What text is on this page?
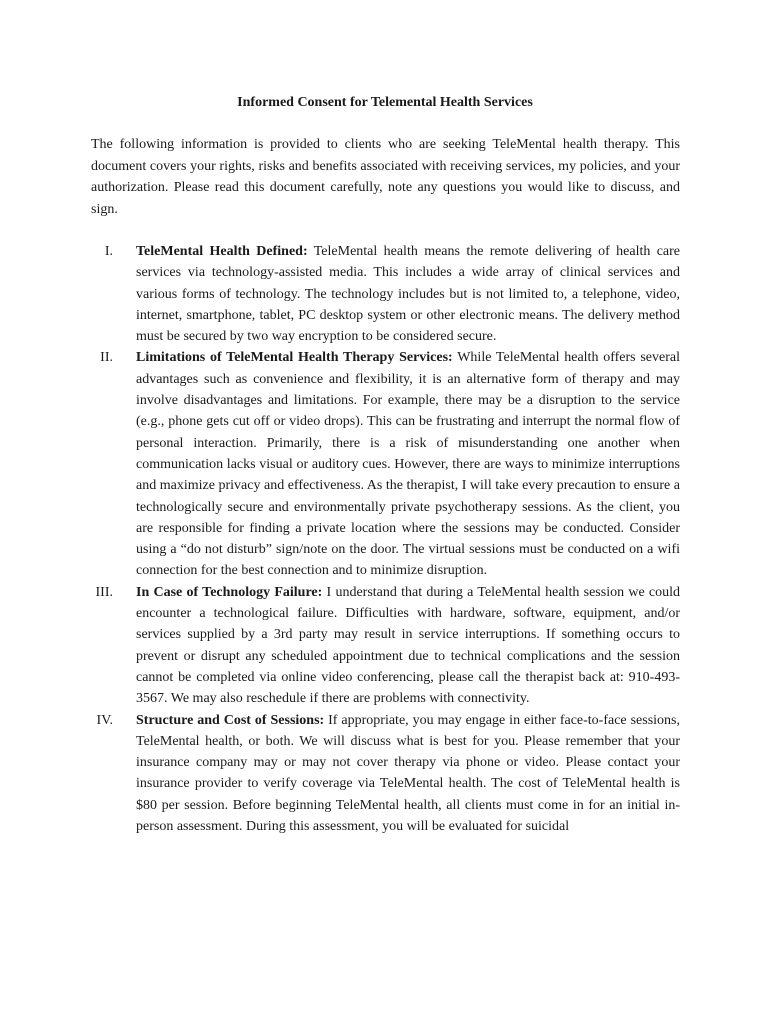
Informed Consent for Telemental Health Services

The following information is provided to clients who are seeking TeleMental health therapy. This document covers your rights, risks and benefits associated with receiving services, my policies, and your authorization. Please read this document carefully, note any questions you would like to discuss, and sign.

I. TeleMental Health Defined: TeleMental health means the remote delivering of health care services via technology-assisted media. This includes a wide array of clinical services and various forms of technology. The technology includes but is not limited to, a telephone, video, internet, smartphone, tablet, PC desktop system or other electronic means. The delivery method must be secured by two way encryption to be considered secure.

II. Limitations of TeleMental Health Therapy Services: While TeleMental health offers several advantages such as convenience and flexibility, it is an alternative form of therapy and may involve disadvantages and limitations. For example, there may be a disruption to the service (e.g., phone gets cut off or video drops). This can be frustrating and interrupt the normal flow of personal interaction. Primarily, there is a risk of misunderstanding one another when communication lacks visual or auditory cues. However, there are ways to minimize interruptions and maximize privacy and effectiveness. As the therapist, I will take every precaution to ensure a technologically secure and environmentally private psychotherapy sessions. As the client, you are responsible for finding a private location where the sessions may be conducted. Consider using a “do not disturb” sign/note on the door. The virtual sessions must be conducted on a wifi connection for the best connection and to minimize disruption.

III. In Case of Technology Failure: I understand that during a TeleMental health session we could encounter a technological failure. Difficulties with hardware, software, equipment, and/or services supplied by a 3rd party may result in service interruptions. If something occurs to prevent or disrupt any scheduled appointment due to technical complications and the session cannot be completed via online video conferencing, please call the therapist back at: 910-493-3567. We may also reschedule if there are problems with connectivity.

IV. Structure and Cost of Sessions: If appropriate, you may engage in either face-to-face sessions, TeleMental health, or both. We will discuss what is best for you. Please remember that your insurance company may or may not cover therapy via phone or video. Please contact your insurance provider to verify coverage via TeleMental health. The cost of TeleMental health is $80 per session. Before beginning TeleMental health, all clients must come in for an initial in-person assessment. During this assessment, you will be evaluated for suicidal
